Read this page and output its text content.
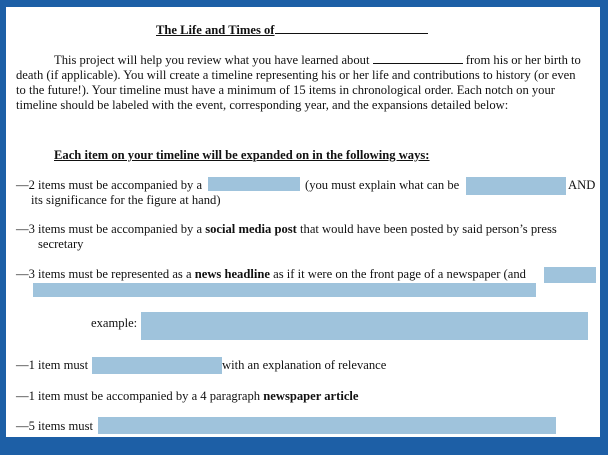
The Life and Times of
This project will help you review what you have learned about	from his or her birth to
death (if applicable). You will create a timeline representing his or her life and contributions to history (or even
to the future!). Your timeline must have a minimum of 15 items in chronological order. Each notch on your
timeline should be labeled with the event, corresponding year, and the expansions detailed below:
Each item on your timeline will be expanded on in the following ways:
—2 items must be accompanied by a	(you must explain what can be	AND
its significance for the figure at hand)
—3 items must be accompanied by a social media post that would have been posted by said person’s press
secretary
—3 items must be represented as a news headline as if it were on the front page of a newspaper (and
example:
—1 item must	with an explanation of relevance
—1 item must be accompanied by a 4 paragraph newspaper article
—5 items must
